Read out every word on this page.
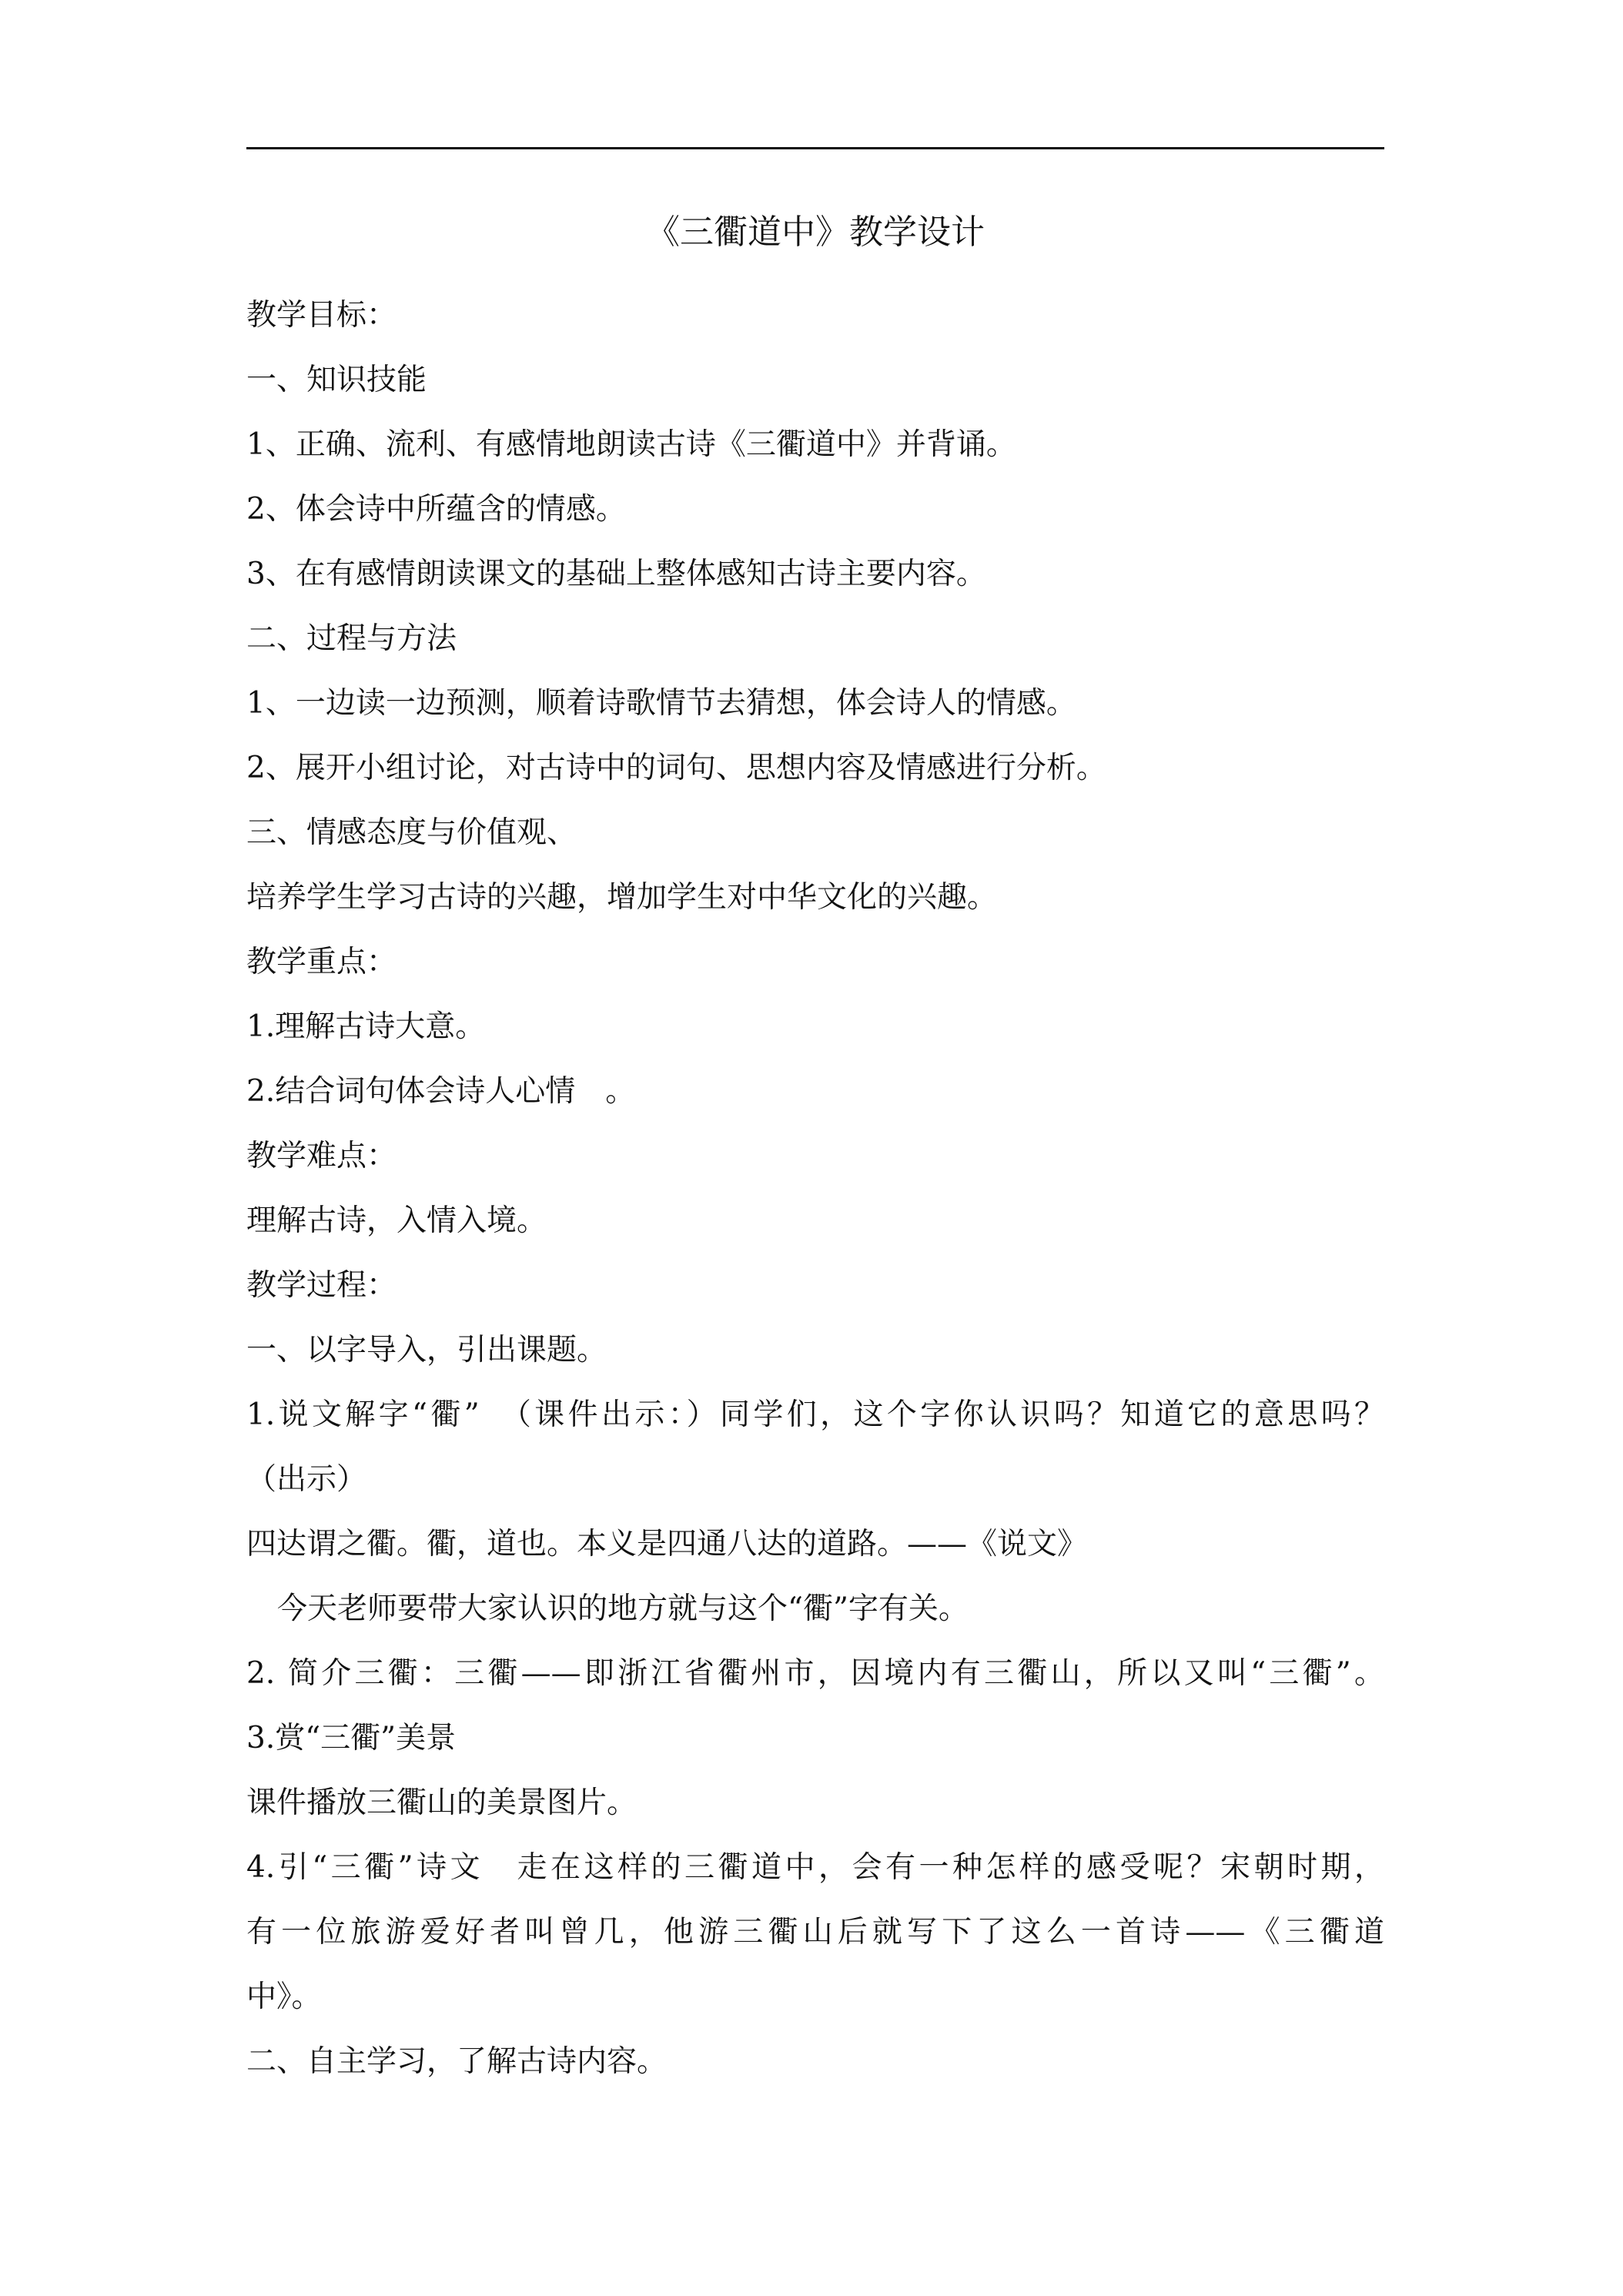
《三衢道中》教学设计
教学目标：
一、知识技能
1、正确、流利、有感情地朗读古诗《三衢道中》并背诵。
2、体会诗中所蕴含的情感。
3、在有感情朗读课文的基础上整体感知古诗主要内容。
二、过程与方法
1、一边读一边预测，顺着诗歌情节去猜想，体会诗人的情感。
2、展开小组讨论，对古诗中的词句、思想内容及情感进行分析。
三、情感态度与价值观、
培养学生学习古诗的兴趣，增加学生对中华文化的兴趣。
教学重点：
1.理解古诗大意。
2.结合词句体会诗人心情　。
教学难点：
理解古诗，入情入境。
教学过程：
一、以字导入，引出课题。
1.说文解字“衢”　（课件出示：）同学们，这个字你认识吗？知道它的意思吗？
（出示）
四达谓之衢。衢，道也。本义是四通八达的道路。——《说文》
今天老师要带大家认识的地方就与这个“衢”字有关。
2. 简介三衢：三衢——即浙江省衢州市，因境内有三衢山，所以又叫“三衢”。
3.赏“三衢”美景
课件播放三衢山的美景图片。
4.引“三衢”诗文　走在这样的三衢道中，会有一种怎样的感受呢？宋朝时期，
有一位旅游爱好者叫曾几，他游三衢山后就写下了这么一首诗——《三衢道
中》。
二、自主学习，了解古诗内容。
